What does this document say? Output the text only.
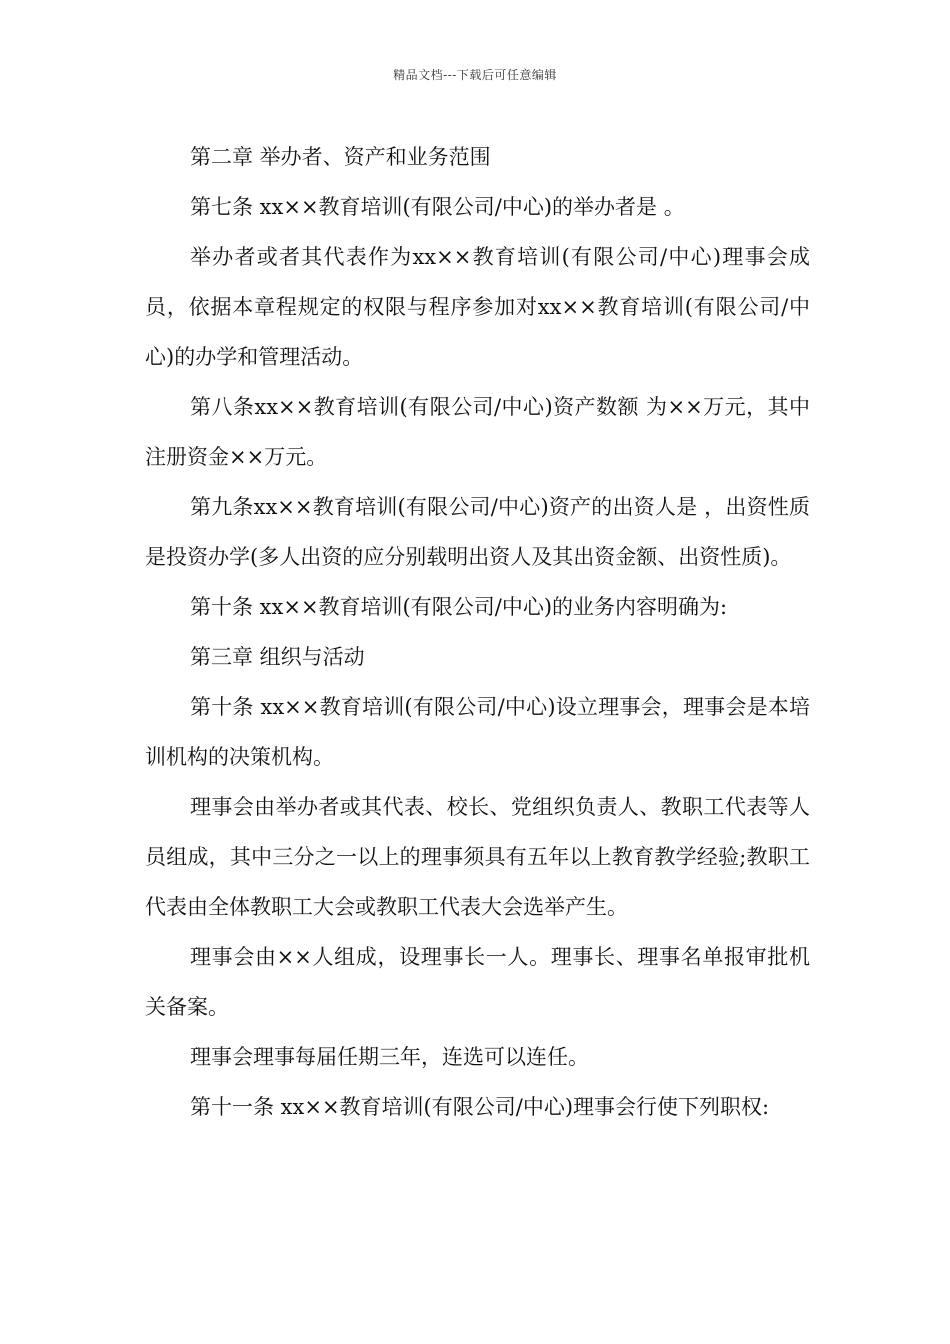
精品文档---下载后可任意编辑

第二章 举办者、资产和业务范围

第七条 xx××教育培训(有限公司/中心)的举办者是 。

举办者或者其代表作为xx××教育培训(有限公司/中心)理事会成员，依据本章程规定的权限与程序参加对xx××教育培训(有限公司/中心)的办学和管理活动。

第八条xx××教育培训(有限公司/中心)资产数额 为××万元，其中注册资金××万元。

第九条xx××教育培训(有限公司/中心)资产的出资人是 ，出资性质是投资办学(多人出资的应分别载明出资人及其出资金额、出资性质)。

第十条 xx××教育培训(有限公司/中心)的业务内容明确为:

第三章 组织与活动

第十条 xx××教育培训(有限公司/中心)设立理事会，理事会是本培训机构的决策机构。

理事会由举办者或其代表、校长、党组织负责人、教职工代表等人员组成，其中三分之一以上的理事须具有五年以上教育教学经验;教职工代表由全体教职工大会或教职工代表大会选举产生。

理事会由××人组成，设理事长一人。理事长、理事名单报审批机关备案。

理事会理事每届任期三年，连选可以连任。

第十一条 xx××教育培训(有限公司/中心)理事会行使下列职权:
